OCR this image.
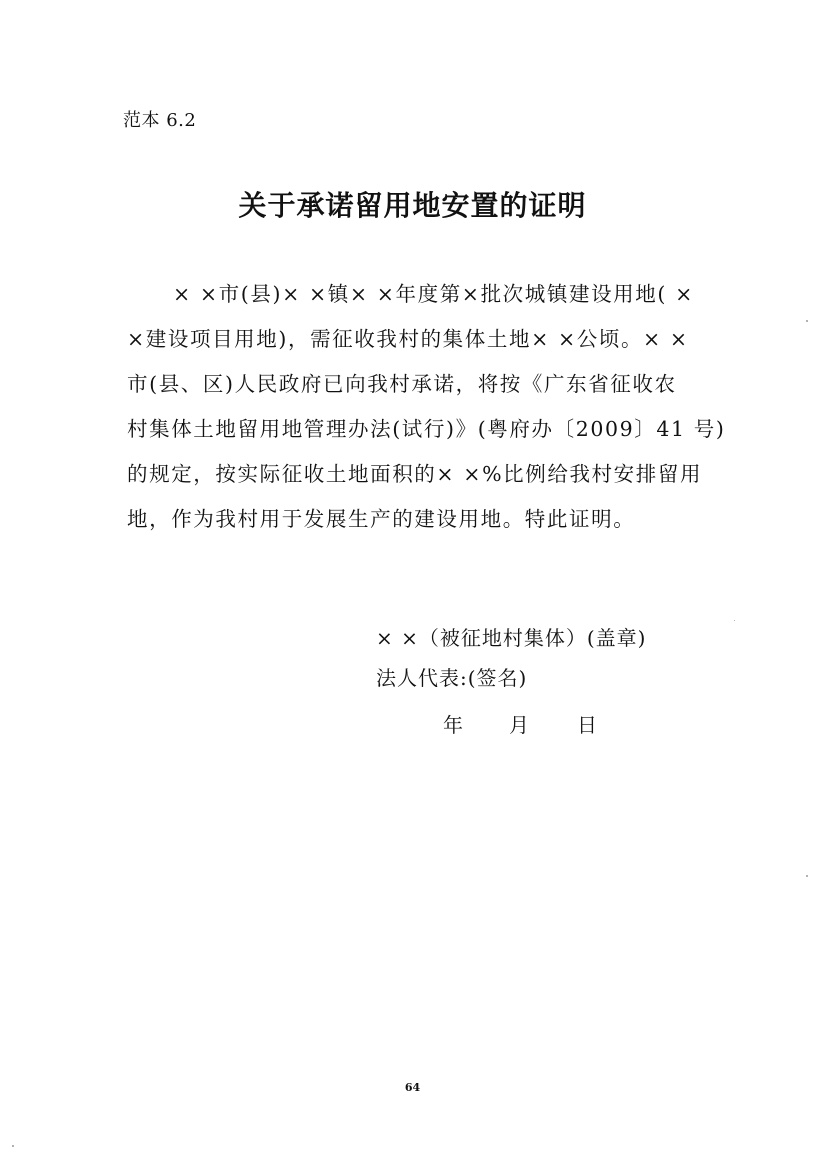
范本 6.2
关于承诺留用地安置的证明
× ×市(县)× ×镇× ×年度第×批次城镇建设用地( ×
×建设项目用地)，需征收我村的集体土地× ×公顷。× ×
市(县、区)人民政府已向我村承诺，将按《广东省征收农
村集体土地留用地管理办法(试行)》(粤府办〔2009〕41 号)
的规定，按实际征收土地面积的× ×%比例给我村安排留用
地，作为我村用于发展生产的建设用地。特此证明。
× ×（被征地村集体）(盖章)
法人代表:(签名)
年 月 日
64
